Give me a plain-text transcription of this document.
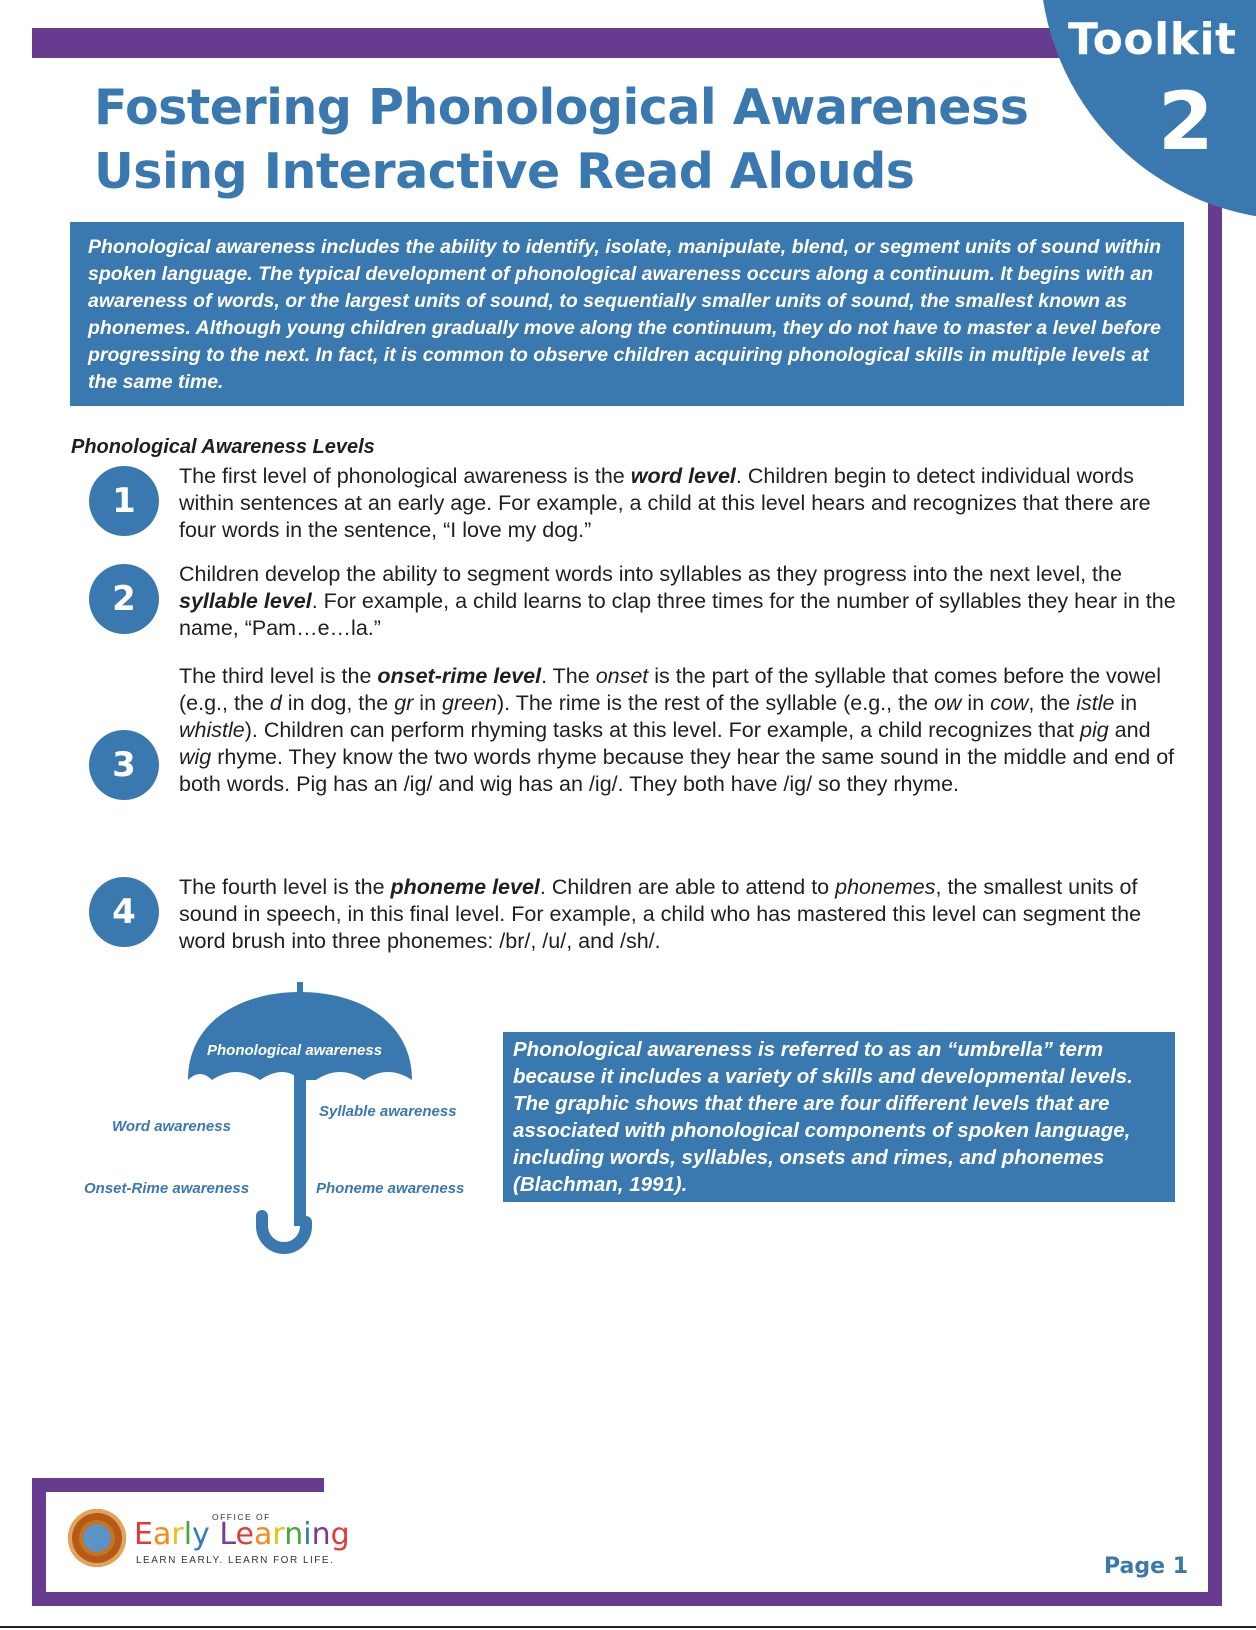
Toolkit
2
Fostering Phonological Awareness
Using Interactive Read Alouds
Phonological awareness includes the ability to identify, isolate, manipulate, blend, or segment units of sound within spoken language. The typical development of phonological awareness occurs along a continuum. It begins with an awareness of words, or the largest units of sound, to sequentially smaller units of sound, the smallest known as phonemes. Although young children gradually move along the continuum, they do not have to master a level before progressing to the next. In fact, it is common to observe children acquiring phonological skills in multiple levels at the same time.
Phonological Awareness Levels
1

The first level of phonological awareness is the word level. Children begin to detect individual words within sentences at an early age. For example, a child at this level hears and recognizes that there are four words in the sentence, “I love my dog.”

2

Children develop the ability to segment words into syllables as they progress into the next level, the syllable level. For example, a child learns to clap three times for the number of syllables they hear in the name, “Pam…e…la.”

3

The third level is the onset-rime level. The onset is the part of the syllable that comes before the vowel (e.g., the d in dog, the gr in green). The rime is the rest of the syllable (e.g., the ow in cow, the istle in whistle). Children can perform rhyming tasks at this level. For example, a child recognizes that pig and wig rhyme. They know the two words rhyme because they hear the same sound in the middle and end of both words. Pig has an /ig/ and wig has an /ig/. They both have /ig/ so they rhyme.

4

The fourth level is the phoneme level. Children are able to attend to phonemes, the smallest units of sound in speech, in this final level. For example, a child who has mastered this level can segment the word brush into three phonemes: /br/, /u/, and /sh/.

Phonological awareness
Word awareness
Syllable awareness
Onset-Rime awareness	Phoneme awareness
Phonological awareness is referred to as an “umbrella” term because it includes a variety of skills and developmental levels. The graphic shows that there are four different levels that are associated with phonological components of spoken language, including words, syllables, onsets and rimes, and phonemes (Blachman, 1991).
OFFICE OF
Early Learning
LEARN EARLY. LEARN FOR LIFE.	Page 1
